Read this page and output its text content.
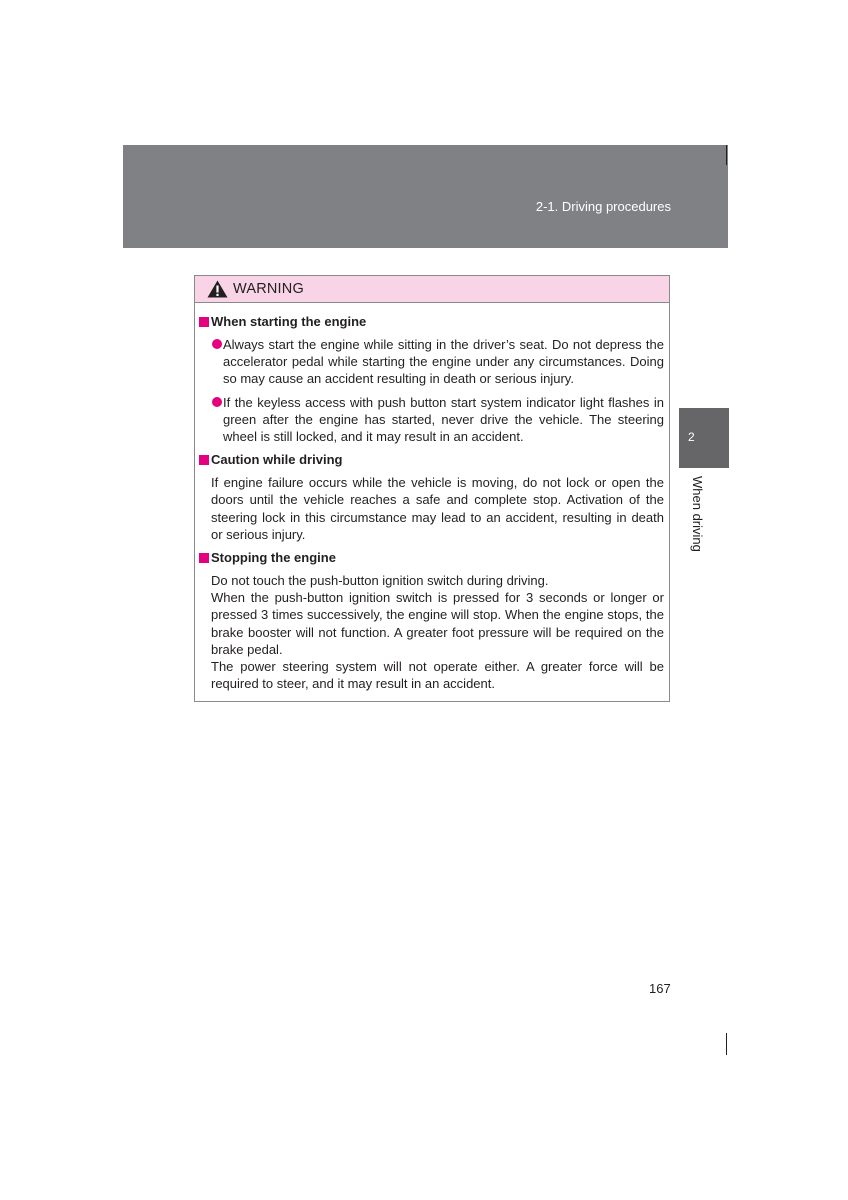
2-1. Driving procedures
2
When driving
WARNING
When starting the engine
Always start the engine while sitting in the driver’s seat. Do not depress the accelerator pedal while starting the engine under any circumstances. Doing so may cause an accident resulting in death or serious injury.
If the keyless access with push button start system indicator light flashes in green after the engine has started, never drive the vehicle. The steering wheel is still locked, and it may result in an accident.
Caution while driving

If engine failure occurs while the vehicle is moving, do not lock or open the doors until the vehicle reaches a safe and complete stop. Activation of the steering lock in this circumstance may lead to an accident, resulting in death or serious injury.

Stopping the engine

Do not touch the push-button ignition switch during driving.

When the push-button ignition switch is pressed for 3 seconds or longer or pressed 3 times successively, the engine will stop. When the engine stops, the brake booster will not function. A greater foot pressure will be required on the brake pedal.

The power steering system will not operate either. A greater force will be required to steer, and it may result in an accident.

167
